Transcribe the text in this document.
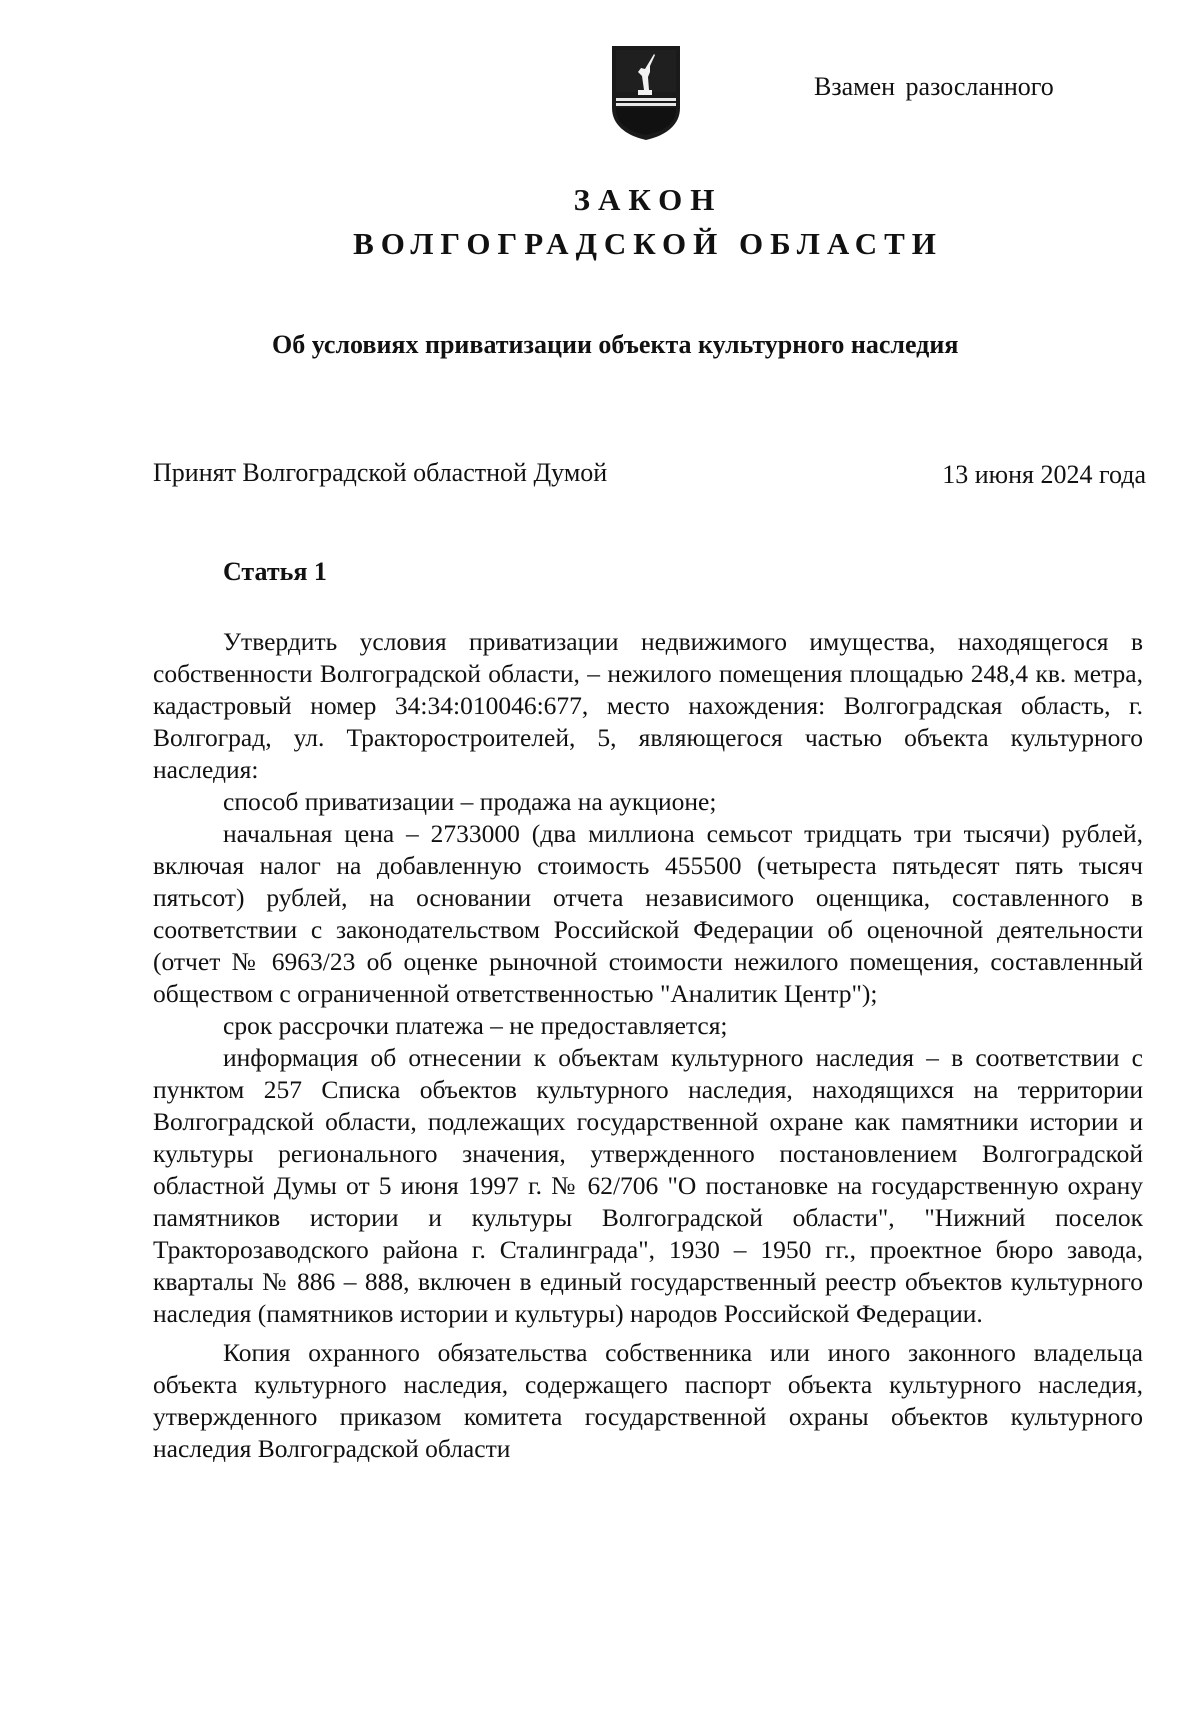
Взамен разосланного
ЗАКОН
ВОЛГОГРАДСКОЙ ОБЛАСТИ
Об условиях приватизации объекта культурного наследия
Принят Волгоградской областной Думой	13 июня 2024 года
Статья 1

Утвердить условия приватизации недвижимого имущества, находящегося в собственности Волгоградской области, – нежилого помещения площадью 248,4 кв. метра, кадастровый номер 34:34:010046:677, место нахождения: Волгоградская область, г. Волгоград, ул. Тракторостроителей, 5, являющегося частью объекта культурного наследия:

способ приватизации – продажа на аукционе;

начальная цена – 2733000 (два миллиона семьсот тридцать три тысячи) рублей, включая налог на добавленную стоимость 455500 (четыреста пятьдесят пять тысяч пятьсот) рублей, на основании отчета независимого оценщика, составленного в соответствии с законодательством Российской Федерации об оценочной деятельности (отчет № 6963/23 об оценке рыночной стоимости нежилого помещения, составленный обществом с ограниченной ответственностью "Аналитик Центр");

срок рассрочки платежа – не предоставляется;

информация об отнесении к объектам культурного наследия – в соответствии с пунктом 257 Списка объектов культурного наследия, находящихся на территории Волгоградской области, подлежащих государственной охране как памятники истории и культуры регионального значения, утвержденного постановлением Волгоградской областной Думы от 5 июня 1997 г. № 62/706 "О постановке на государственную охрану памятников истории и культуры Волгоградской области", "Нижний поселок Тракторозаводского района г. Сталинграда", 1930 – 1950 гг., проектное бюро завода, кварталы № 886 – 888, включен в единый государственный реестр объектов культурного наследия (памятников истории и культуры) народов Российской Федерации.

Копия охранного обязательства собственника или иного законного владельца объекта культурного наследия, содержащего паспорт объекта культурного наследия, утвержденного приказом комитета государственной охраны объектов культурного наследия Волгоградской области
